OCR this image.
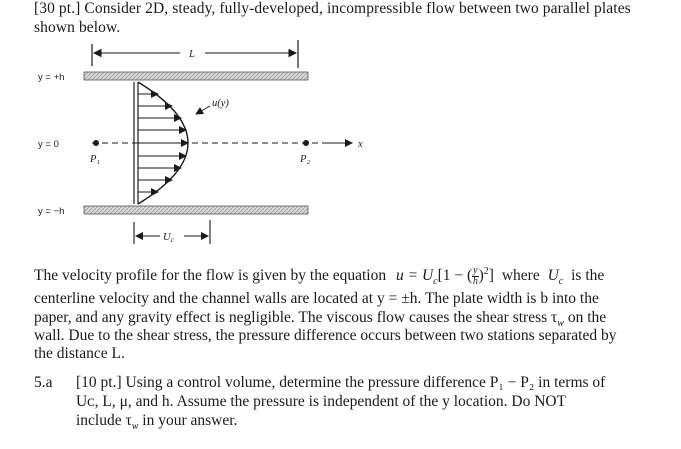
[30 pt.] Consider 2D, steady, fully-developed, incompressible flow between two parallel plates
shown below.
L
y = +h
y = −h
x
y = 0
P₁	P₂
u(y)
Uc
The velocity profile for the flow is given by the equation $u = U_c[1$ − ( $\frac{y}{h} )^2$] where $U_c$ is the
centerline velocity and the channel walls are located at y = ±h. The plate width is b into the
paper, and any gravity effect is negligible. The viscous flow causes the shear stress $\tau_w$ on the
wall. Due to the shear stress, the pressure difference occurs between two stations separated by
the distance L.
5.a [10 pt.] Using a control volume, determine the pressure difference P₁ − P₂ in terms of
Uᴄ, L, μ, and h. Assume the pressure is independent of the y location. Do NOT
include $\tau_w$ in your answer.
